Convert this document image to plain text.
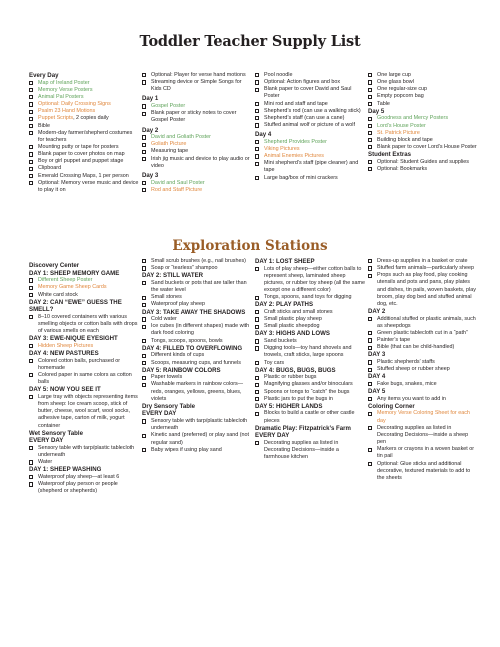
Toddler Teacher Supply List
Every Day
Map of Ireland Poster
Memory Verse Posters
Animal Pal Posters
Optional: Daily Crossing Signs
Psalm 23 Hand Motions
Puppet Scripts, 2 copies daily
Bible
Modern-day farmer/shepherd costumes for teachers
Mounting putty or tape for posters
Blank paper to cover photos on map
Boy or girl puppet and puppet stage
Clipboard
Emerald Crossing Maps, 1 per person
Optional: Memory verse music and device to play it on
Optional: Player for verse hand motions
Streaming device or Simple Songs for Kids CD
Day 1
Gospel Poster
Blank paper or sticky notes to cover Gospel Poster
Day 2
David and Goliath Poster
Goliath Picture
Measuring tape
Irish jig music and device to play audio or video
Day 3
David and Saul Poster
Rod and Staff Picture
Pool noodle
Optional: Action figures and box
Blank paper to cover David and Saul Poster
Mini rod and staff and tape
Shepherd’s rod (can use a walking stick)
Shepherd’s staff (can use a cane)
Stuffed animal wolf or picture of a wolf
Day 4
Shepherd Provides Poster
Viking Pictures
Animal Enemies Pictures
Mini shepherd’s staff (pipe cleaner) and tape
Large bag/box of mini crackers
One large cup
One glass bowl
One regular-size cup
Empty popcorn bag
Table
Day 5
Goodness and Mercy Posters
Lord’s House Poster
St. Patrick Picture
Building block and tape
Blank paper to cover Lord’s House Poster
Student Extras
Optional: Student Guides and supplies
Optional: Bookmarks
Exploration Stations
Discovery Center
DAY 1: SHEEP MEMORY GAME
Different Sheep Poster
Memory Game Sheep Cards
White card stock
DAY 2: CAN “EWE” GUESS THE SMELL?
8–10 covered containers with various smelling objects or cotton balls with drops of various smells on each
DAY 3: EWE-NIQUE EYESIGHT
Hidden Sheep Pictures
DAY 4: NEW PASTURES
Colored cotton balls, purchased or homemade
Colored paper in same colors as cotton balls
DAY 5: NOW YOU SEE IT
Large tray with objects representing items from sheep: Ice cream scoop, stick of butter, cheese, wool scarf, wool socks, adhesive tape, carton of milk, yogurt container
Wet Sensory Table
EVERY DAY
Sensory table with tarp/plastic tablecloth underneath
Water
DAY 1: SHEEP WASHING
Waterproof play sheep—at least 6
Waterproof play person or people (shepherd or shepherds)
Small scrub brushes (e.g., nail brushes)
Soap or “tearless” shampoo
DAY 2: STILL WATER
Sand buckets or pots that are taller than the water level
Small stones
Waterproof play sheep
DAY 3: TAKE AWAY THE SHADOWS
Cold water
Ice cubes (in different shapes) made with dark food coloring
Tongs, scoops, spoons, bowls
DAY 4: FILLED TO OVERFLOWING
Different kinds of cups
Scoops, measuring cups, and funnels
DAY 5: RAINBOW COLORS
Paper towels
Washable markers in rainbow colors—reds, oranges, yellows, greens, blues, violets
Dry Sensory Table
EVERY DAY
Sensory table with tarp/plastic tablecloth underneath
Kinetic sand (preferred) or play sand (not regular sand)
Baby wipes if using play sand
DAY 1: LOST SHEEP
Lots of play sheep—either cotton balls to represent sheep, laminated sheep pictures, or rubber toy sheep (all the same except one a different color)
Tongs, spoons, sand toys for digging
DAY 2: PLAY PATHS
Craft sticks and small stones
Small plastic play sheep
Small plastic sheepdog
DAY 3: HIGHS AND LOWS
Sand buckets
Digging tools—toy hand shovels and trowels, craft sticks, large spoons
Toy cars
DAY 4: BUGS, BUGS, BUGS
Plastic or rubber bugs
Magnifying glasses and/or binoculars
Spoons or tongs to “catch” the bugs
Plastic jars to put the bugs in
DAY 5: HIGHER LANDS
Blocks to build a castle or other castle pieces
Dramatic Play: Fitzpatrick’s Farm
EVERY DAY
Decorating supplies as listed in Decorating Decisions—inside a farmhouse kitchen
Dress-up supplies in a basket or crate
Stuffed farm animals—particularly sheep
Props such as play food, play cooking utensils and pots and pans, play plates and dishes, tin pails, woven baskets, play broom, play dog bed and stuffed animal dog, etc.
DAY 2
Additional stuffed or plastic animals, such as sheepdogs
Green plastic tablecloth cut in a “path”
Painter’s tape
Bible (that can be child-handled)
DAY 3
Plastic shepherds’ staffs
Stuffed sheep or rubber sheep
DAY 4
Fake bugs, snakes, mice
DAY 5
Any items you want to add in
Coloring Corner
Memory Verse Coloring Sheet for each day
Decorating supplies as listed in Decorating Decisions—inside a sheep pen
Markers or crayons in a woven basket or tin pail
Optional: Glue sticks and additional decorative, textured materials to add to the sheets
